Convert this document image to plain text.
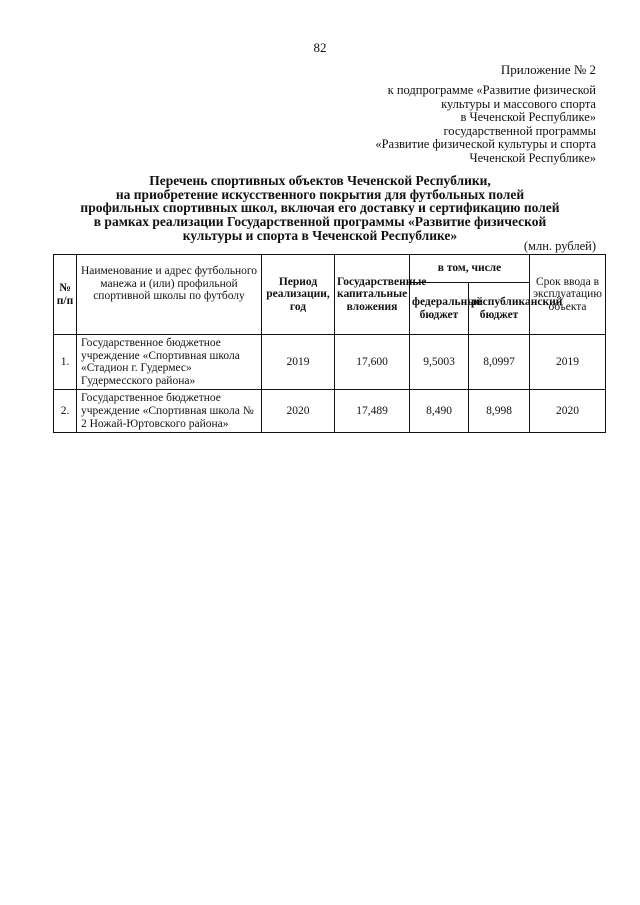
82
Приложение № 2
к подпрограмме «Развитие физической
культуры и массового спорта
в Чеченской Республике»
государственной программы
«Развитие физической культуры и спорта
Чеченской Республике»
Перечень спортивных объектов Чеченской Республики,
на приобретение искусственного покрытия для футбольных полей
профильных спортивных школ, включая его доставку и сертификацию полей
в рамках реализации Государственной программы «Развитие физической
культуры и спорта в Чеченской Республике»
(млн. рублей)
№ п/п	Наименование и адрес футбольного манежа и (или) профильной спортивной школы по футболу	Период реализации, год	Государственные капитальные вложения	в том, числе		Срок ввода в эксплуатацию объекта
				федеральный бюджет	республиканский бюджет	
1.	Государственное бюджетное учреждение «Спортивная школа «Стадион г. Гудермес» Гудермесского района»	2019	17,600	9,5003	8,0997	2019
2.	Государственное бюджетное учреждение «Спортивная школа № 2 Ножай-Юртовского района»	2020	17,489	8,490	8,998	2020
